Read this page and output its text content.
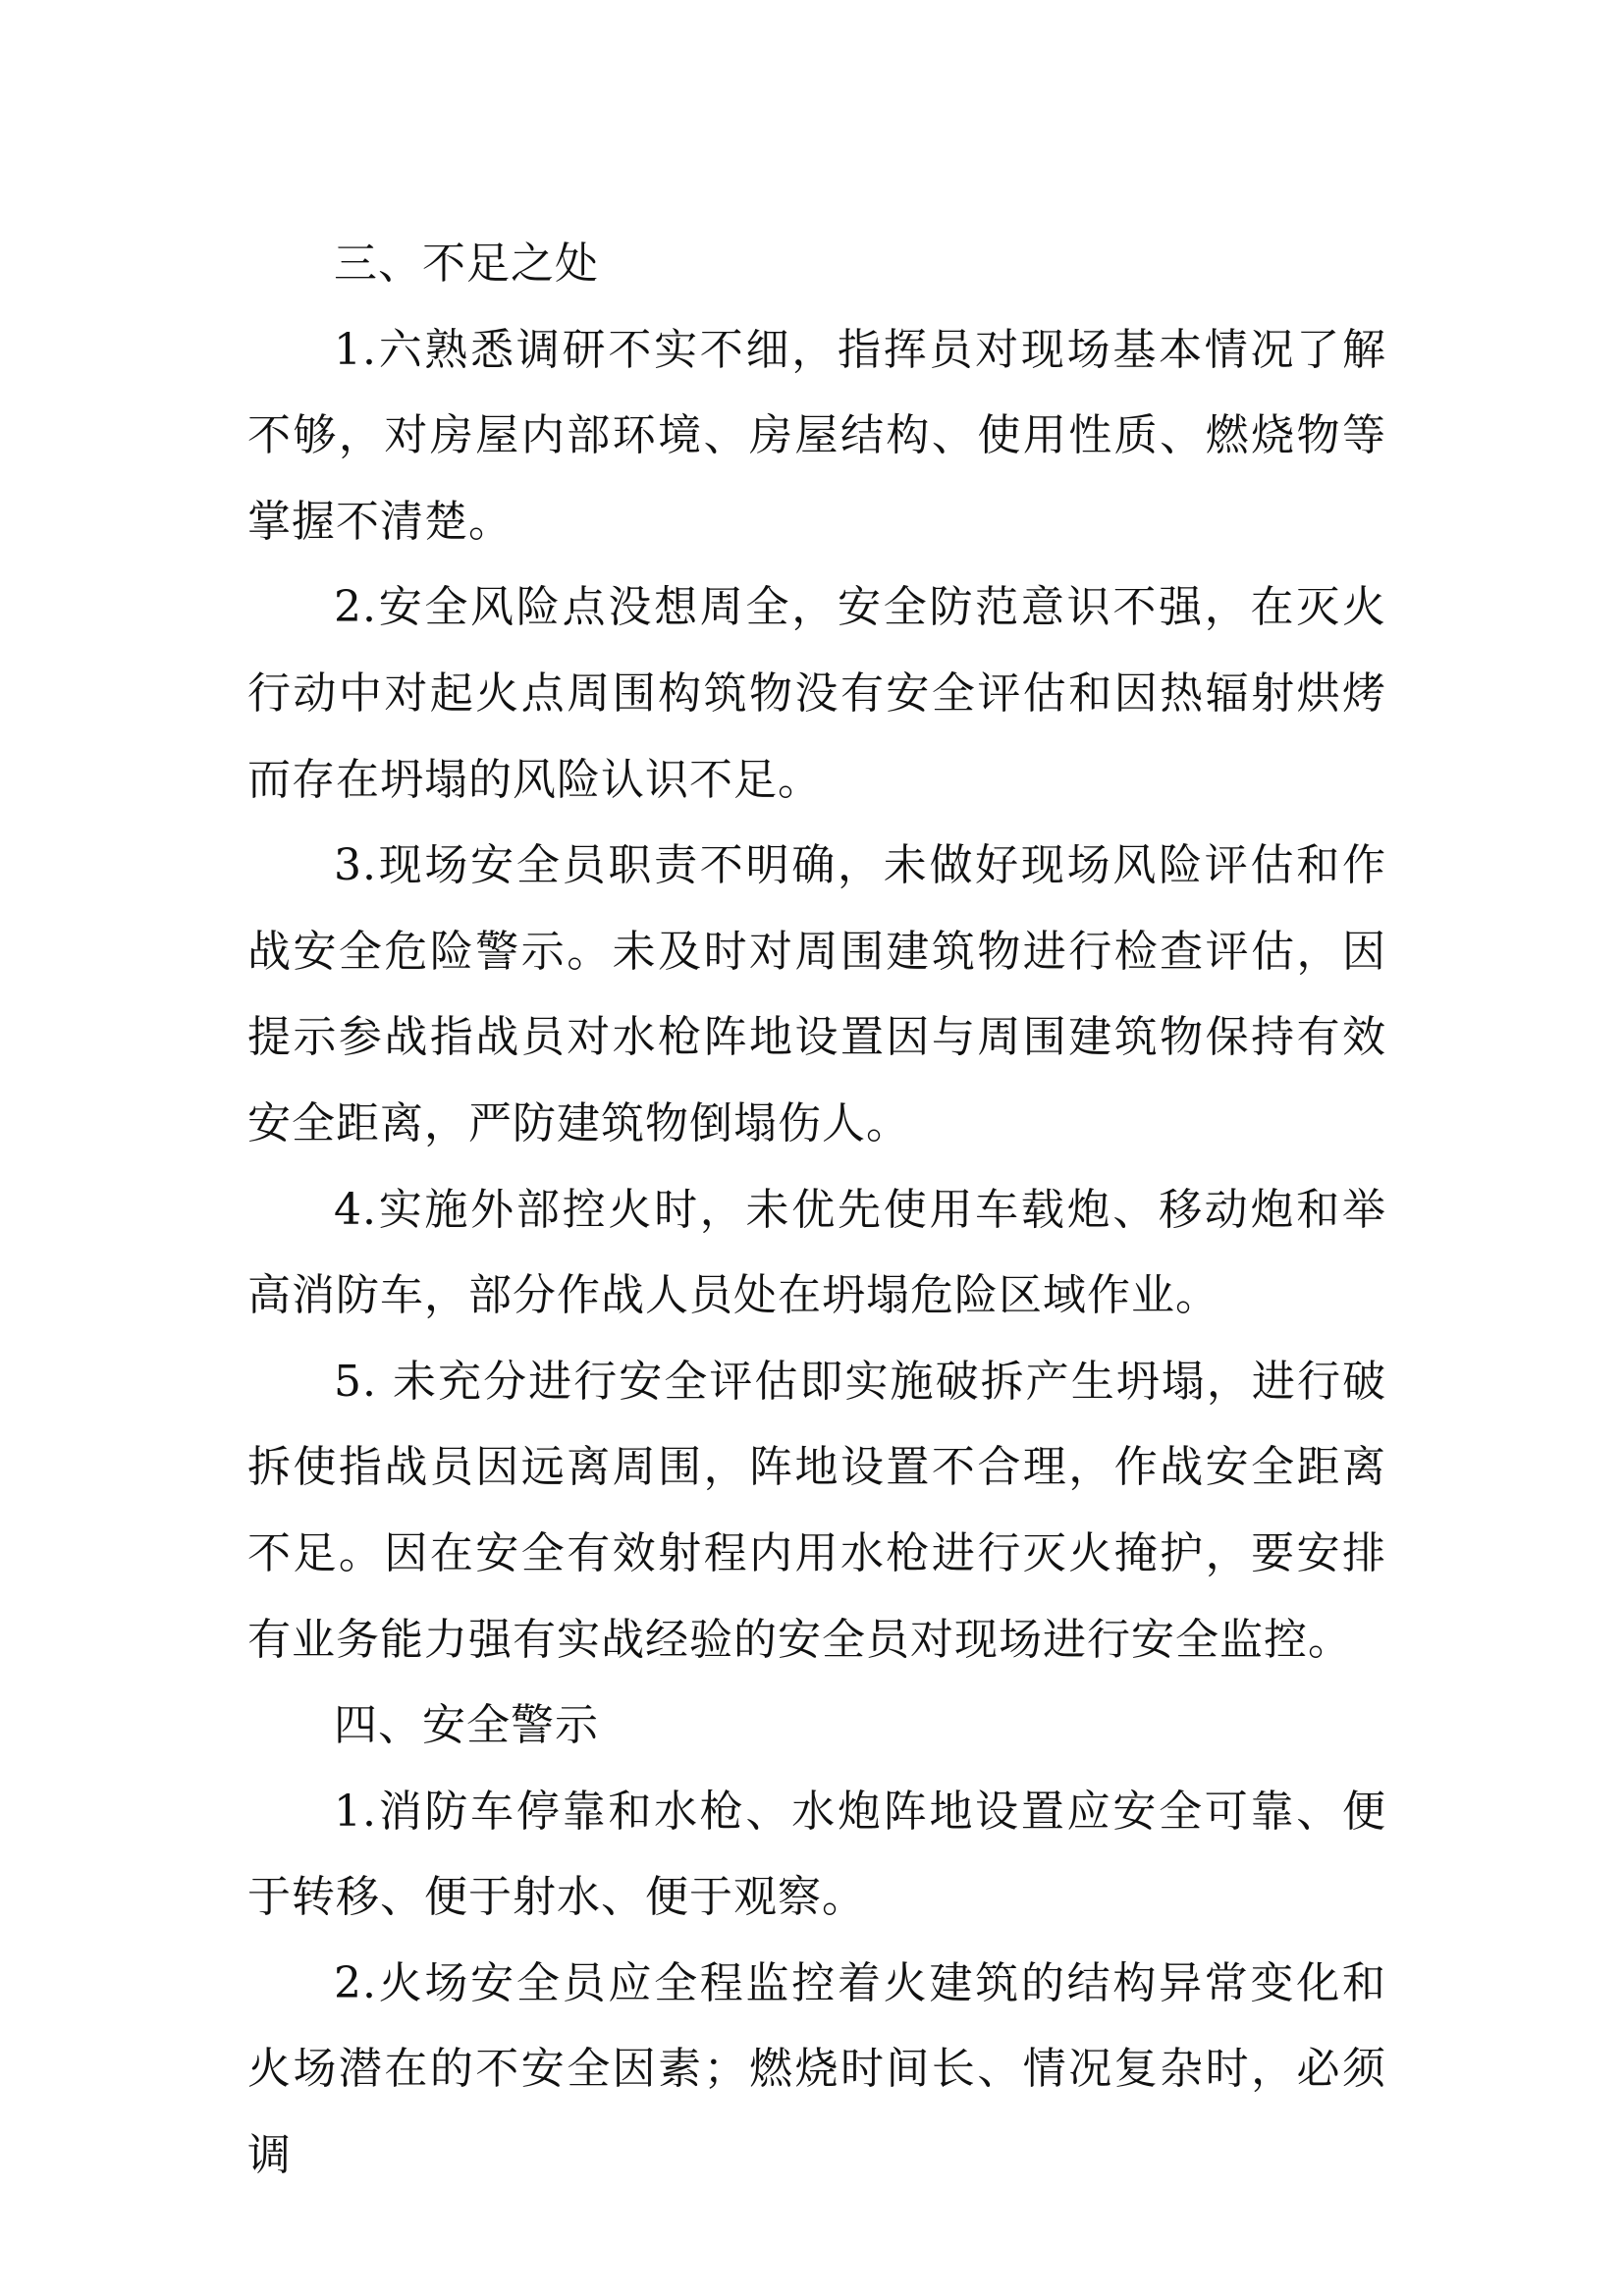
三、不足之处

1.六熟悉调研不实不细，指挥员对现场基本情况了解不够，对房屋内部环境、房屋结构、使用性质、燃烧物等掌握不清楚。

2.安全风险点没想周全，安全防范意识不强，在灭火行动中对起火点周围构筑物没有安全评估和因热辐射烘烤而存在坍塌的风险认识不足。

3.现场安全员职责不明确，未做好现场风险评估和作战安全危险警示。未及时对周围建筑物进行检查评估，因提示参战指战员对水枪阵地设置因与周围建筑物保持有效安全距离，严防建筑物倒塌伤人。

4.实施外部控火时，未优先使用车载炮、移动炮和举高消防车，部分作战人员处在坍塌危险区域作业。

5. 未充分进行安全评估即实施破拆产生坍塌，进行破拆使指战员因远离周围，阵地设置不合理，作战安全距离不足。因在安全有效射程内用水枪进行灭火掩护，要安排有业务能力强有实战经验的安全员对现场进行安全监控。

四、安全警示

1.消防车停靠和水枪、水炮阵地设置应安全可靠、便于转移、便于射水、便于观察。

2.火场安全员应全程监控着火建筑的结构异常变化和火场潜在的不安全因素；燃烧时间长、情况复杂时，必须调
